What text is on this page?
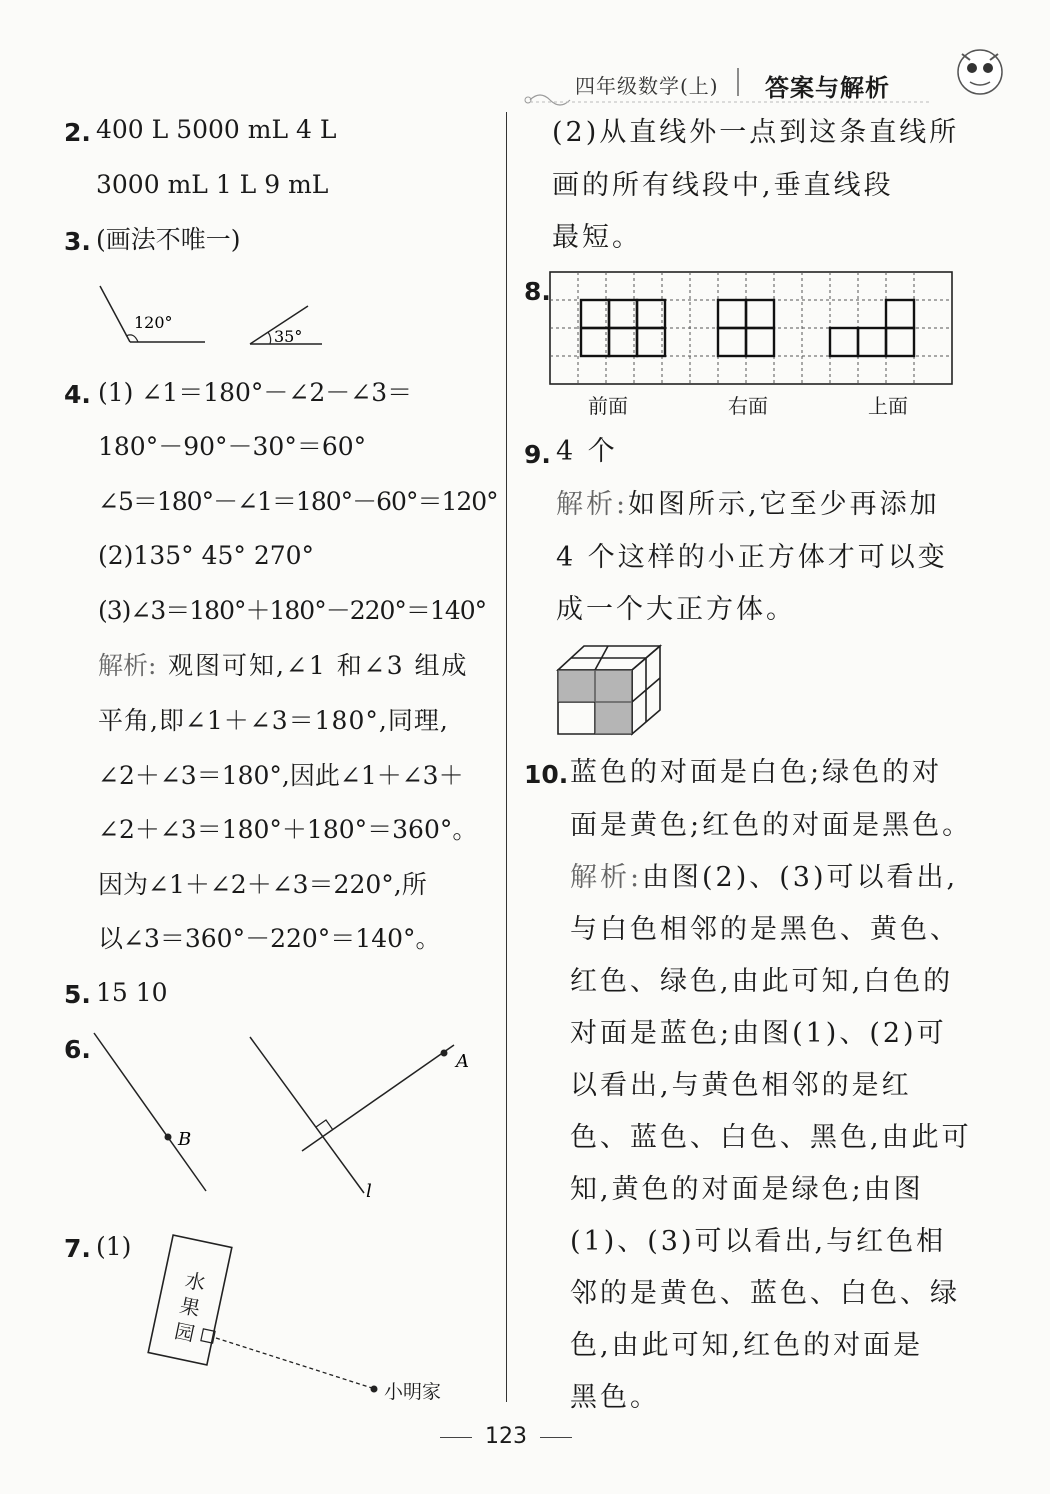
四年级数学(上) 答案与解析
2. 400 L 5000 mL 4 L
3000 mL 1 L 9 mL
3. (画法不唯一)
120°
35°
4. (1) ∠1＝180°－∠2－∠3＝
180°－90°－30°＝60°
∠5＝180°－∠1＝180°－60°＝120°
(2)135° 45° 270°
(3)∠3＝180°＋180°－220°＝140°
解析: 观图可知,∠1 和∠3 组成
平角,即∠1＋∠3＝180°,同理,
∠2＋∠3＝180°,因此∠1＋∠3＋
∠2＋∠3＝180°＋180°＝360°。
因为∠1＋∠2＋∠3＝220°,所
以∠3＝360°－220°＝140°。
5. 15 10
6.
B
l
A
7. (1)
水果园
小明家
(2)从直线外一点到这条直线所
画的所有线段中,垂直线段
最短。
8.
前面	右面	上面
9. 4 个
解析: 如图所示,它至少再添加
4 个这样的小正方体才可以变
成一个大正方体。
10. 蓝色的对面是白色;绿色的对
面是黄色;红色的对面是黑色。
解析: 由图(2)、(3)可以看出,
与白色相邻的是黑色、黄色、
红色、绿色,由此可知,白色的
对面是蓝色;由图(1)、(2)可
以看出,与黄色相邻的是红
色、蓝色、白色、黑色,由此可
知,黄色的对面是绿色;由图
(1)、(3)可以看出,与红色相
邻的是黄色、蓝色、白色、绿
色,由此可知,红色的对面是
黑色。
123
